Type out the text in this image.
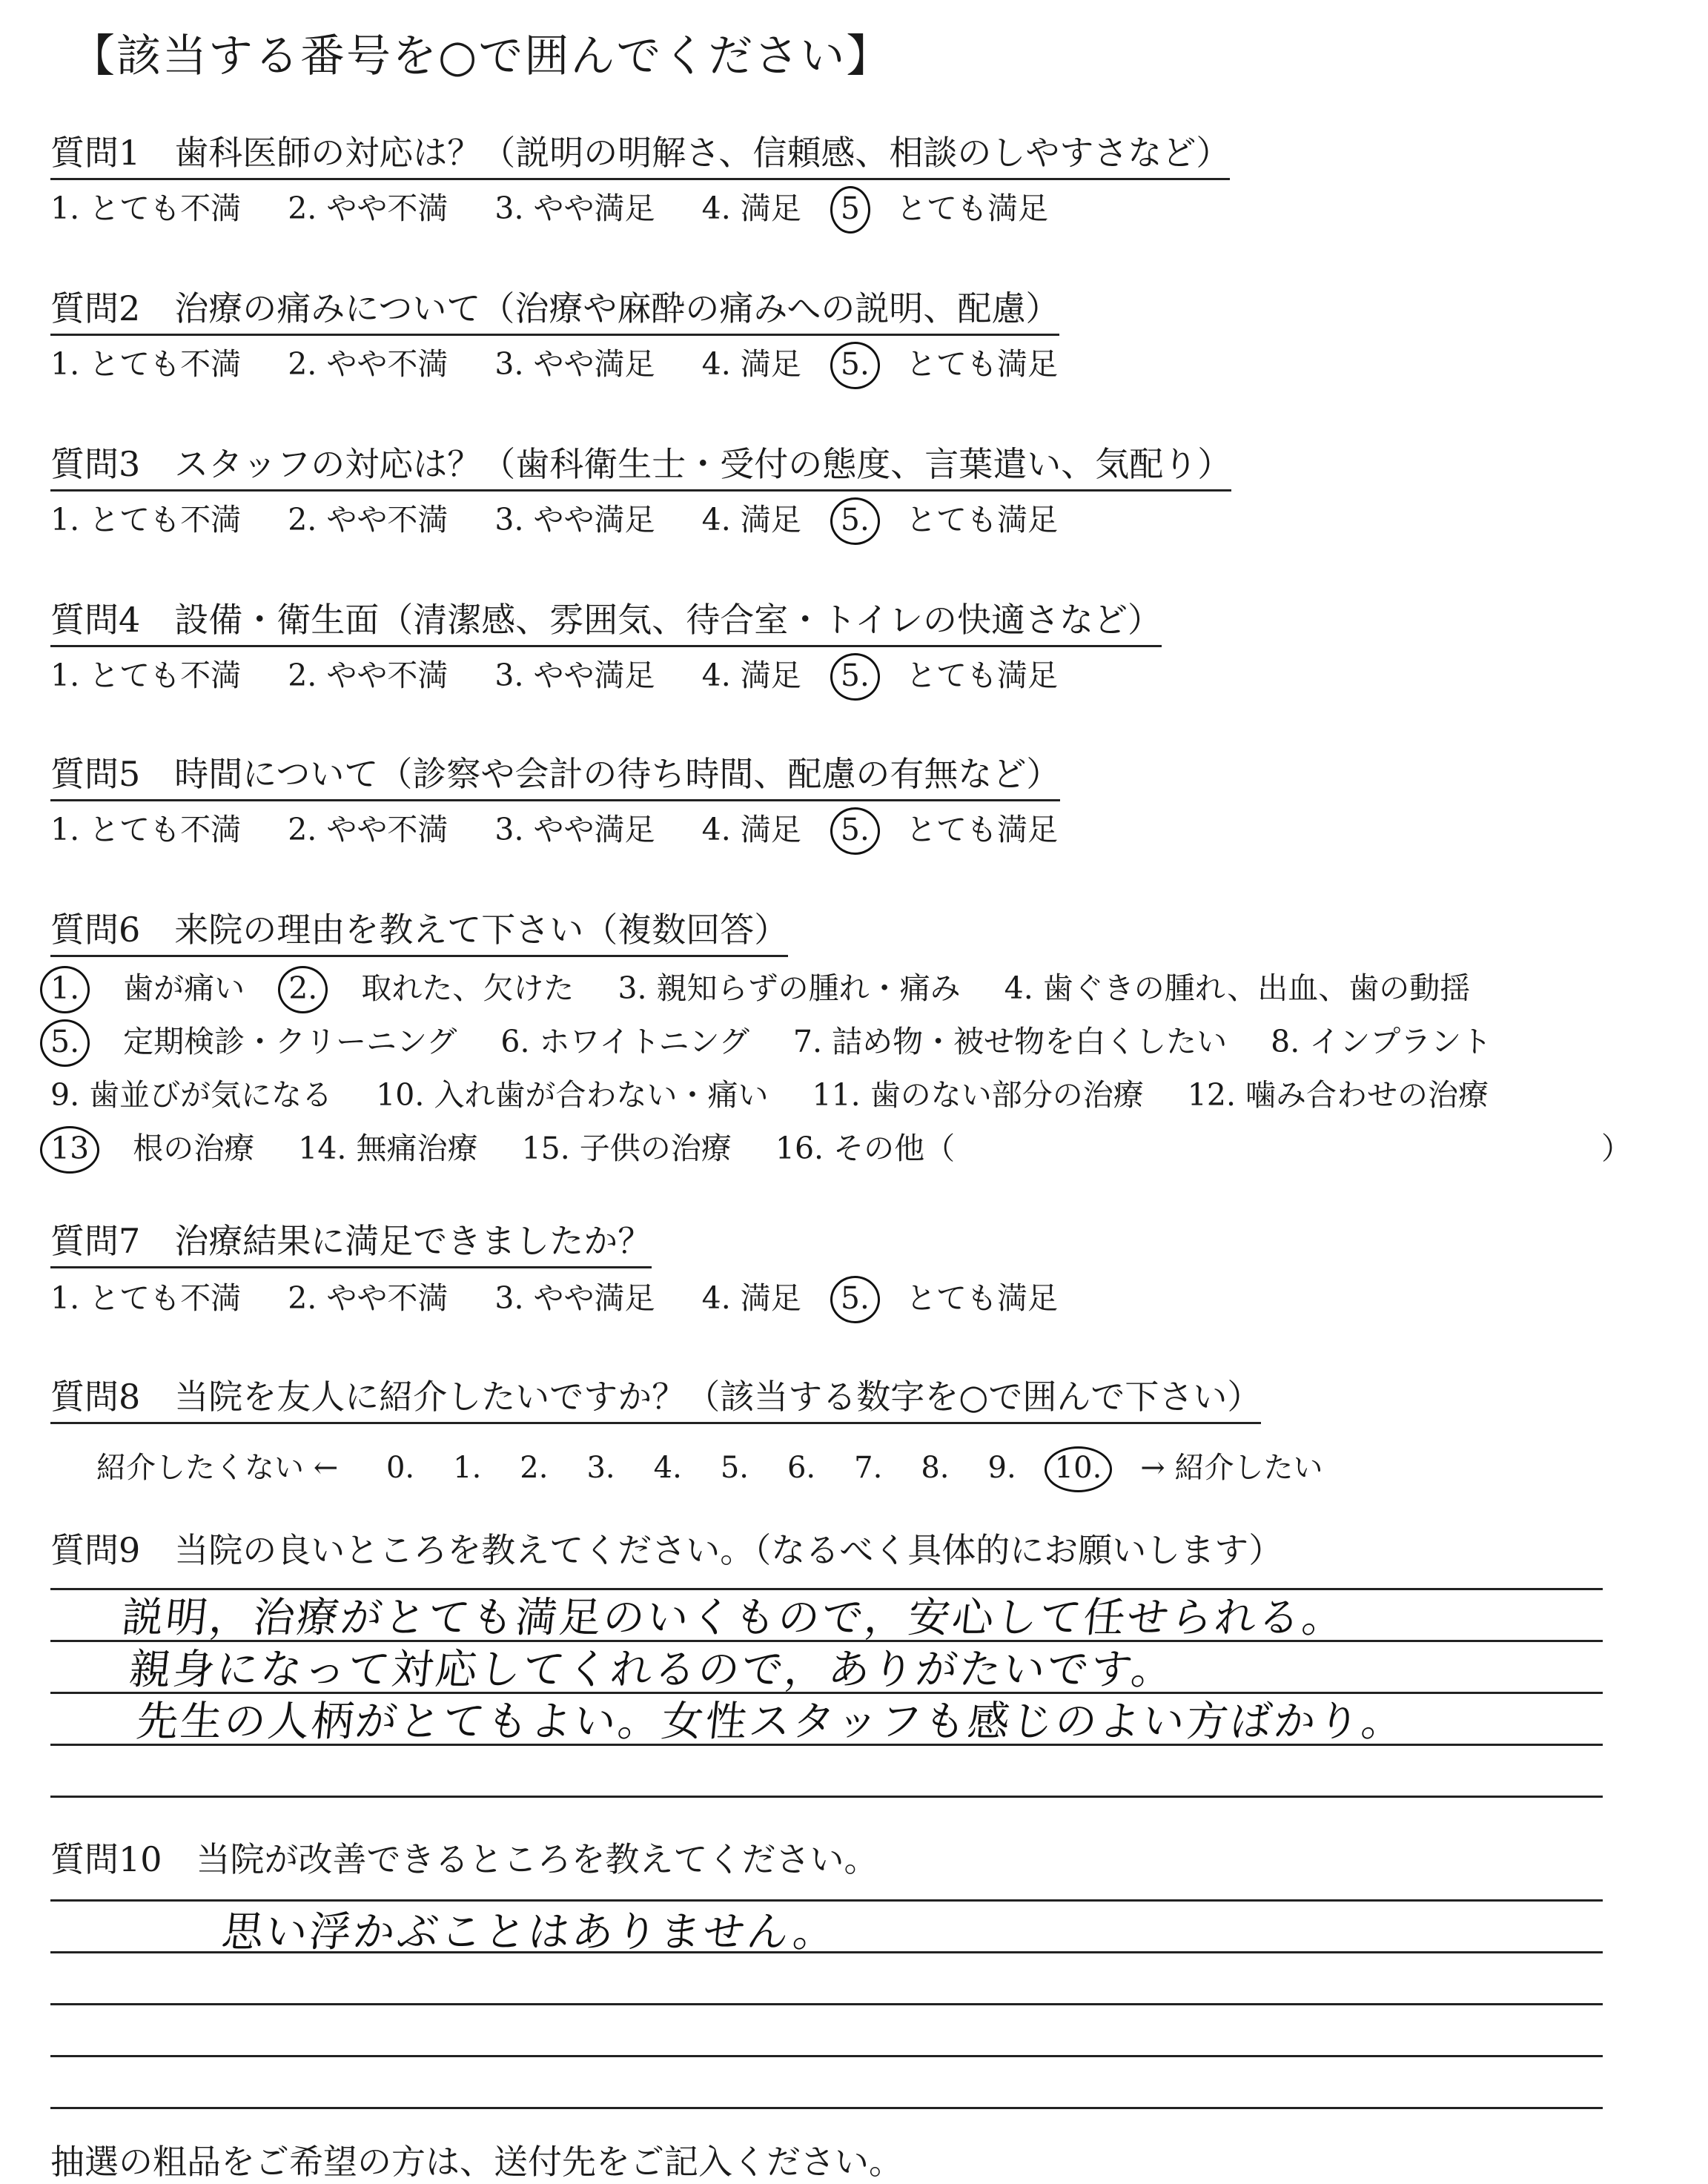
【該当する番号を○で囲んでください】
質問1　歯科医師の対応は？（説明の明解さ、信頼感、相談のしやすさなど）
1. とても不満 2. やや不満 3. やや満足 4. 満足 5 とても満足
質問2　治療の痛みについて（治療や麻酔の痛みへの説明、配慮）
1. とても不満 2. やや不満 3. やや満足 4. 満足 5. とても満足
質問3　スタッフの対応は？（歯科衛生士・受付の態度、言葉遣い、気配り）
1. とても不満 2. やや不満 3. やや満足 4. 満足 5. とても満足
質問4　設備・衛生面（清潔感、雰囲気、待合室・トイレの快適さなど）
1. とても不満 2. やや不満 3. やや満足 4. 満足 5. とても満足
質問5　時間について（診察や会計の待ち時間、配慮の有無など）
1. とても不満 2. やや不満 3. やや満足 4. 満足 5. とても満足
質問6　来院の理由を教えて下さい（複数回答）
1. 歯が痛い 2. 取れた、欠けた 3. 親知らずの腫れ・痛み 4. 歯ぐきの腫れ、出血、歯の動揺
5. 定期検診・クリーニング 6. ホワイトニング 7. 詰め物・被せ物を白くしたい 8. インプラント
9. 歯並びが気になる 10. 入れ歯が合わない・痛い 11. 歯のない部分の治療 12. 噛み合わせの治療
13 根の治療 14. 無痛治療 15. 子供の治療 16. その他（	）
質問7　治療結果に満足できましたか？
1. とても不満 2. やや不満 3. やや満足 4. 満足 5. とても満足
質問8　当院を友人に紹介したいですか？（該当する数字を○で囲んで下さい）
紹介したくない ← 0. 1. 2. 3. 4. 5. 6. 7. 8. 9. 10. → 紹介したい
質問9　当院の良いところを教えてください。（なるべく具体的にお願いします）
説明，治療がとても満足のいくもので，安心して任せられる。
親身になって対応してくれるので，ありがたいです。
先生の人柄がとてもよい。女性スタッフも感じのよい方ばかり。
質問10　当院が改善できるところを教えてください。
思い浮かぶことはありません。
抽選の粗品をご希望の方は、送付先をご記入ください。
